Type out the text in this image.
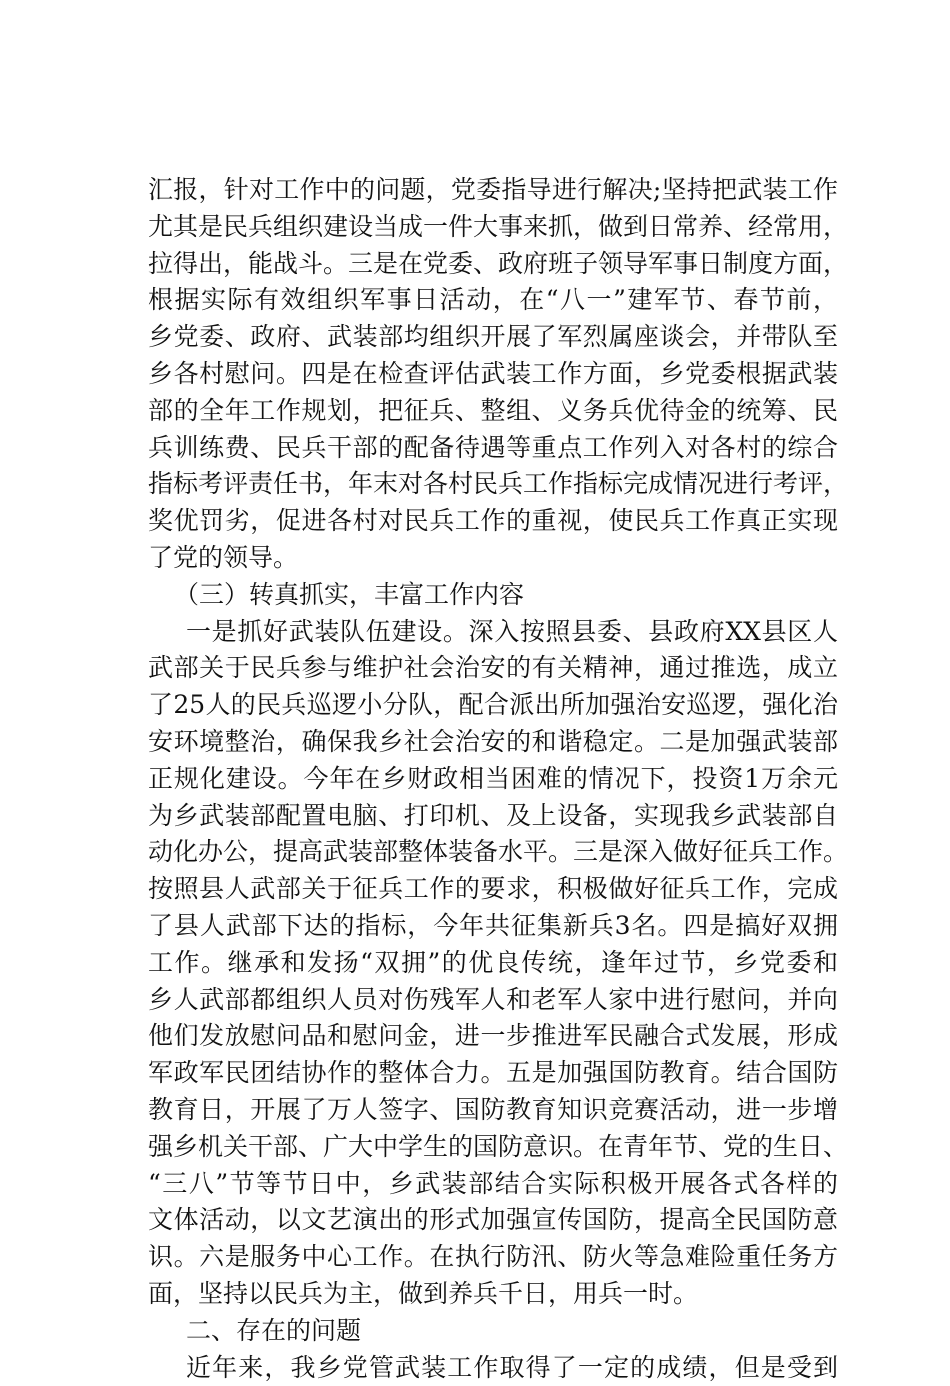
汇报，针对工作中的问题，党委指导进行解决;坚持把武装工作
尤其是民兵组织建设当成一件大事来抓，做到日常养、经常用，
拉得出，能战斗。三是在党委、政府班子领导军事日制度方面，
根据实际有效组织军事日活动，在“八一”建军节、春节前，
乡党委、政府、武装部均组织开展了军烈属座谈会，并带队至
乡各村慰问。四是在检查评估武装工作方面，乡党委根据武装
部的全年工作规划，把征兵、整组、义务兵优待金的统筹、民
兵训练费、民兵干部的配备待遇等重点工作列入对各村的综合
指标考评责任书，年末对各村民兵工作指标完成情况进行考评，
奖优罚劣，促进各村对民兵工作的重视，使民兵工作真正实现
了党的领导。
（三）转真抓实，丰富工作内容
一是抓好武装队伍建设。深入按照县委、县政府XX县区人
武部关于民兵参与维护社会治安的有关精神，通过推选，成立
了25人的民兵巡逻小分队，配合派出所加强治安巡逻，强化治
安环境整治，确保我乡社会治安的和谐稳定。二是加强武装部
正规化建设。今年在乡财政相当困难的情况下，投资1万余元
为乡武装部配置电脑、打印机、及上设备，实现我乡武装部自
动化办公，提高武装部整体装备水平。三是深入做好征兵工作。
按照县人武部关于征兵工作的要求，积极做好征兵工作，完成
了县人武部下达的指标，今年共征集新兵3名。四是搞好双拥
工作。继承和发扬“双拥”的优良传统，逢年过节，乡党委和
乡人武部都组织人员对伤残军人和老军人家中进行慰问，并向
他们发放慰问品和慰问金，进一步推进军民融合式发展，形成
军政军民团结协作的整体合力。五是加强国防教育。结合国防
教育日，开展了万人签字、国防教育知识竞赛活动，进一步增
强乡机关干部、广大中学生的国防意识。在青年节、党的生日、
“三八”节等节日中，乡武装部结合实际积极开展各式各样的
文体活动，以文艺演出的形式加强宣传国防，提高全民国防意
识。六是服务中心工作。在执行防汛、防火等急难险重任务方
面，坚持以民兵为主，做到养兵千日，用兵一时。
二、存在的问题
近年来，我乡党管武装工作取得了一定的成绩，但是受到
